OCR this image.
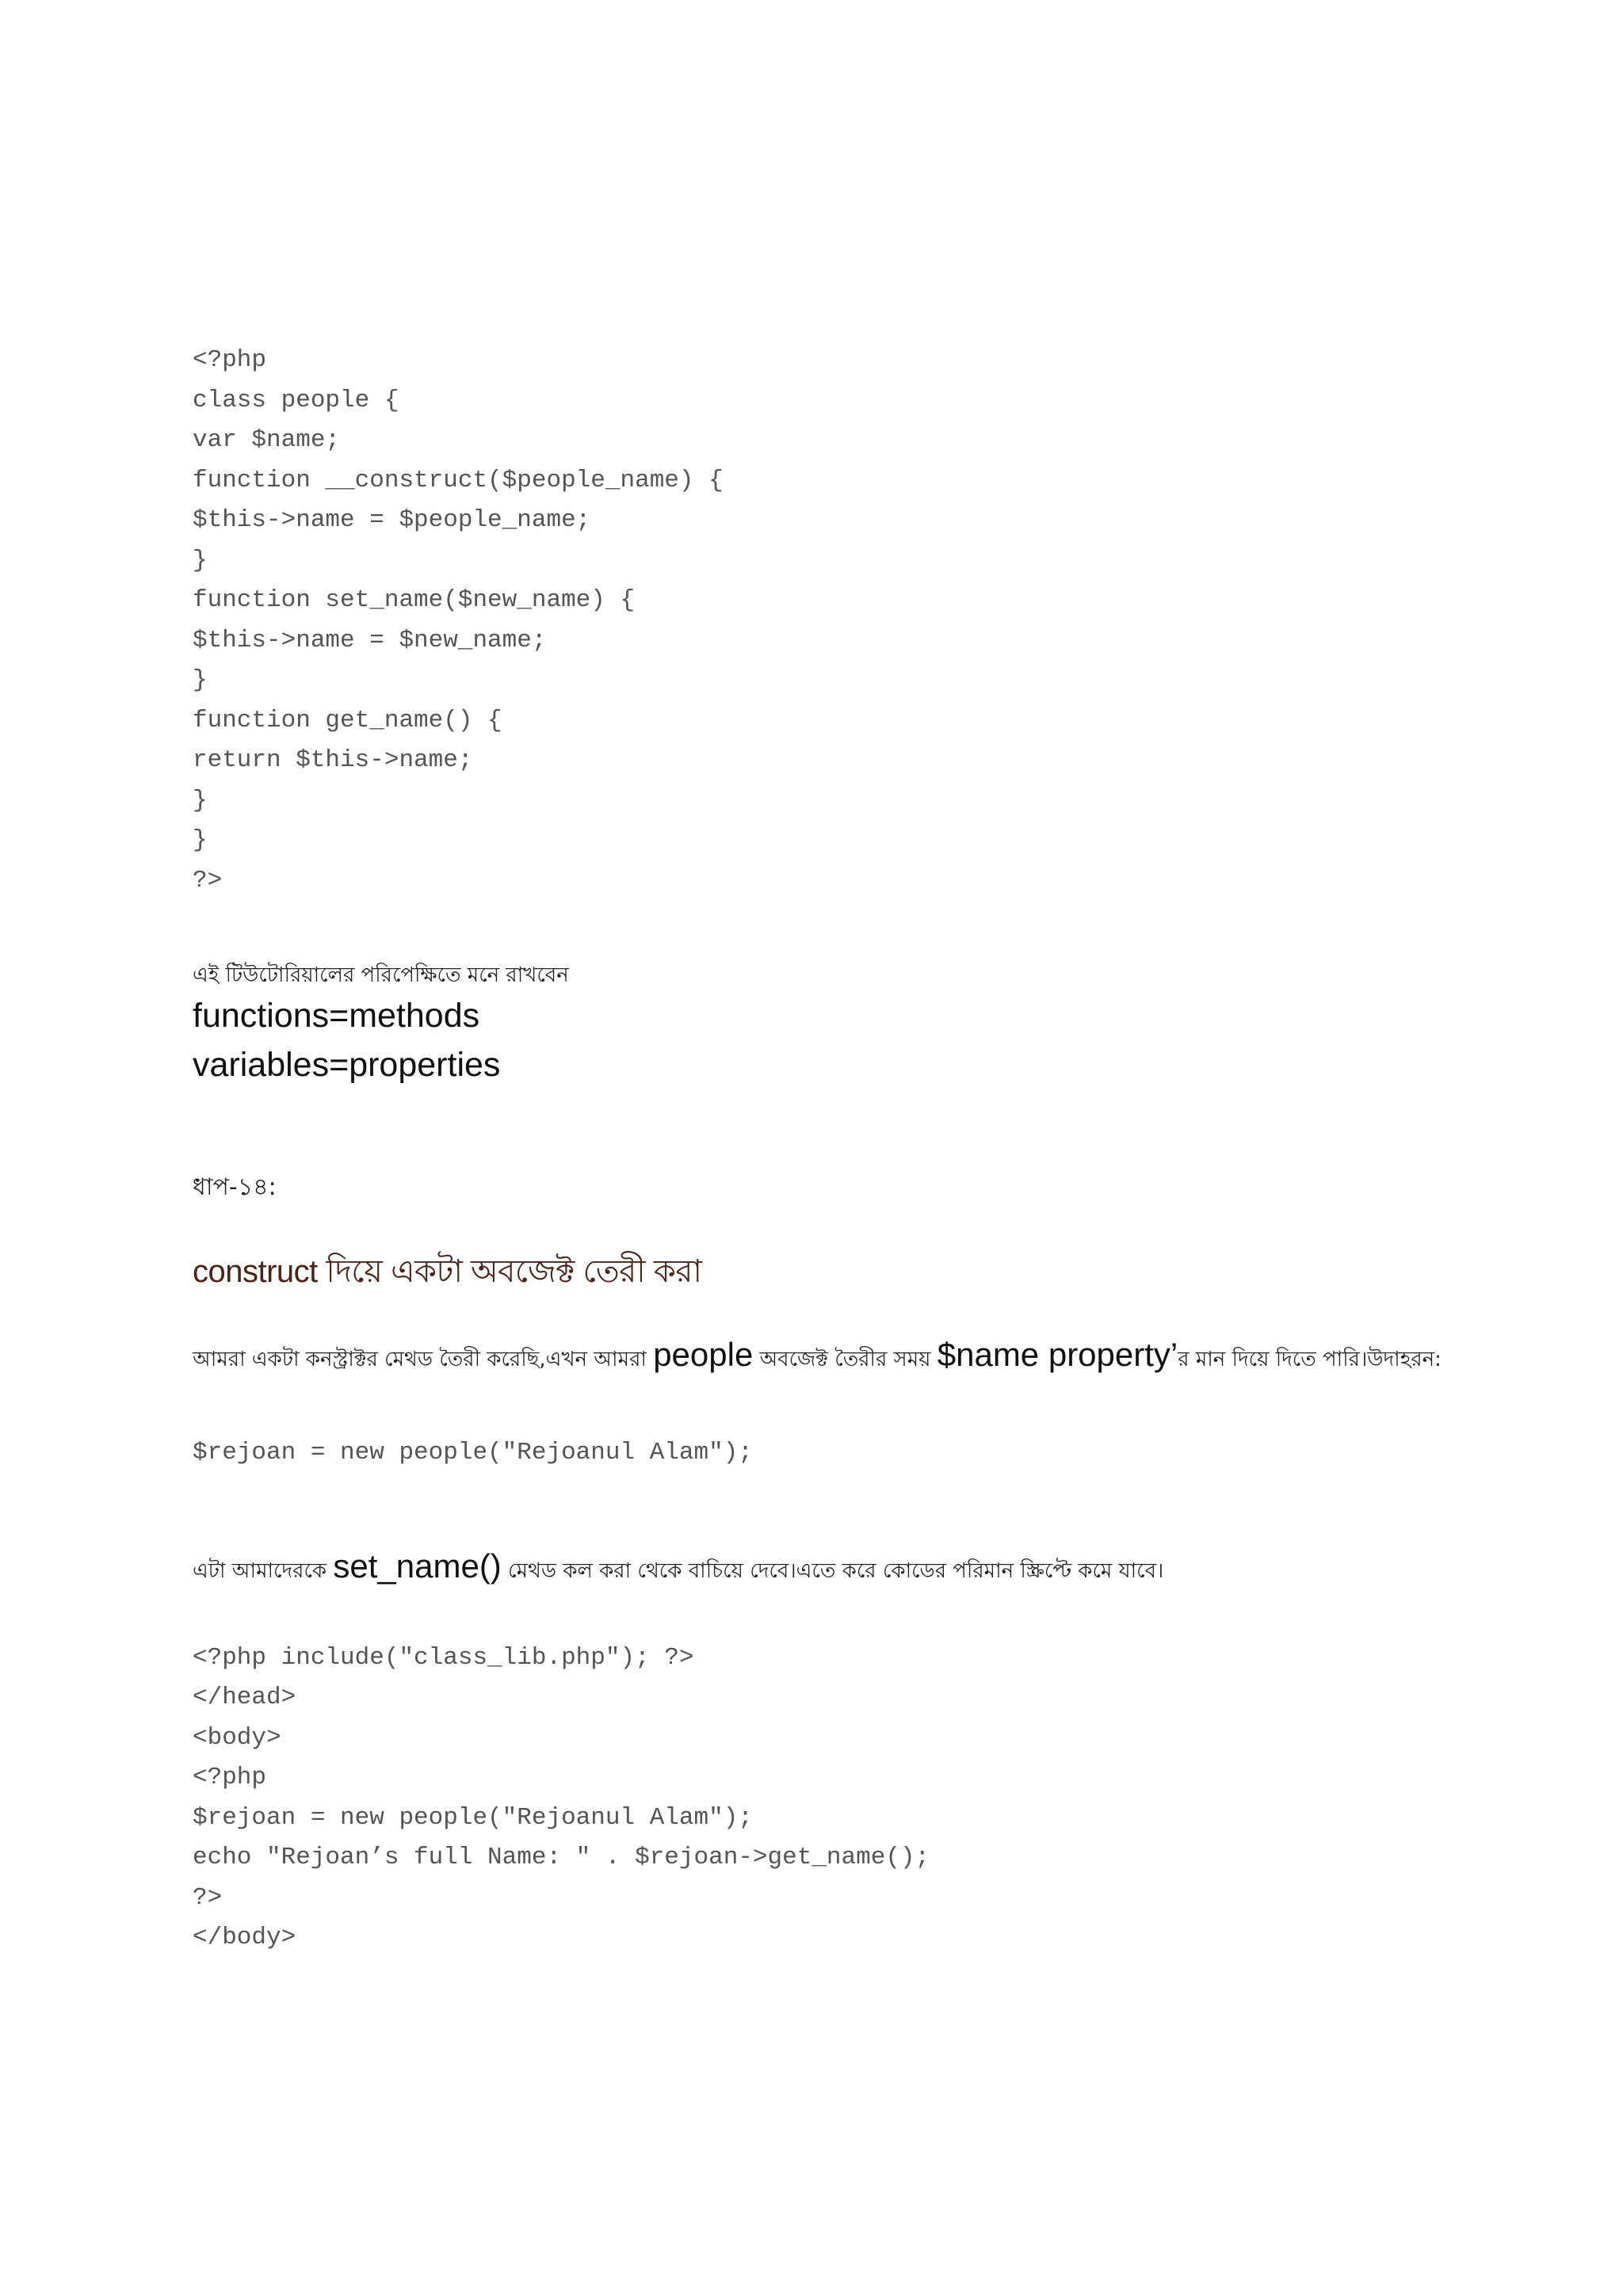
<?php
class people {
var $name;
function __construct($people_name) {
$this->name = $people_name;
}
function set_name($new_name) {
$this->name = $new_name;
}
function get_name() {
return $this->name;
}
}
?>
এই টিউটোরিয়ালের পরিপেক্ষিতে মনে রাখবেন
functions=methods
variables=properties
ধাপ-১৪:
construct দিয়ে একটা অবজেক্ট তেরী করা
আমরা একটা কনস্ট্রাক্টর মেথড তৈরী করেছি,এখন আমরা people অবজেক্ট তৈরীর সময় $name property’র মান দিয়ে দিতে পারি।উদাহরন:
$rejoan = new people("Rejoanul Alam");
এটা আমাদেরকে set_name() মেথড কল করা থেকে বাচিয়ে দেবে।এতে করে কোডের পরিমান স্ক্রিপ্টে কমে যাবে।
<?php include("class_lib.php"); ?>
</head>
<body>
<?php
$rejoan = new people("Rejoanul Alam");
echo "Rejoan’s full Name: " . $rejoan->get_name();
?>
</body>
